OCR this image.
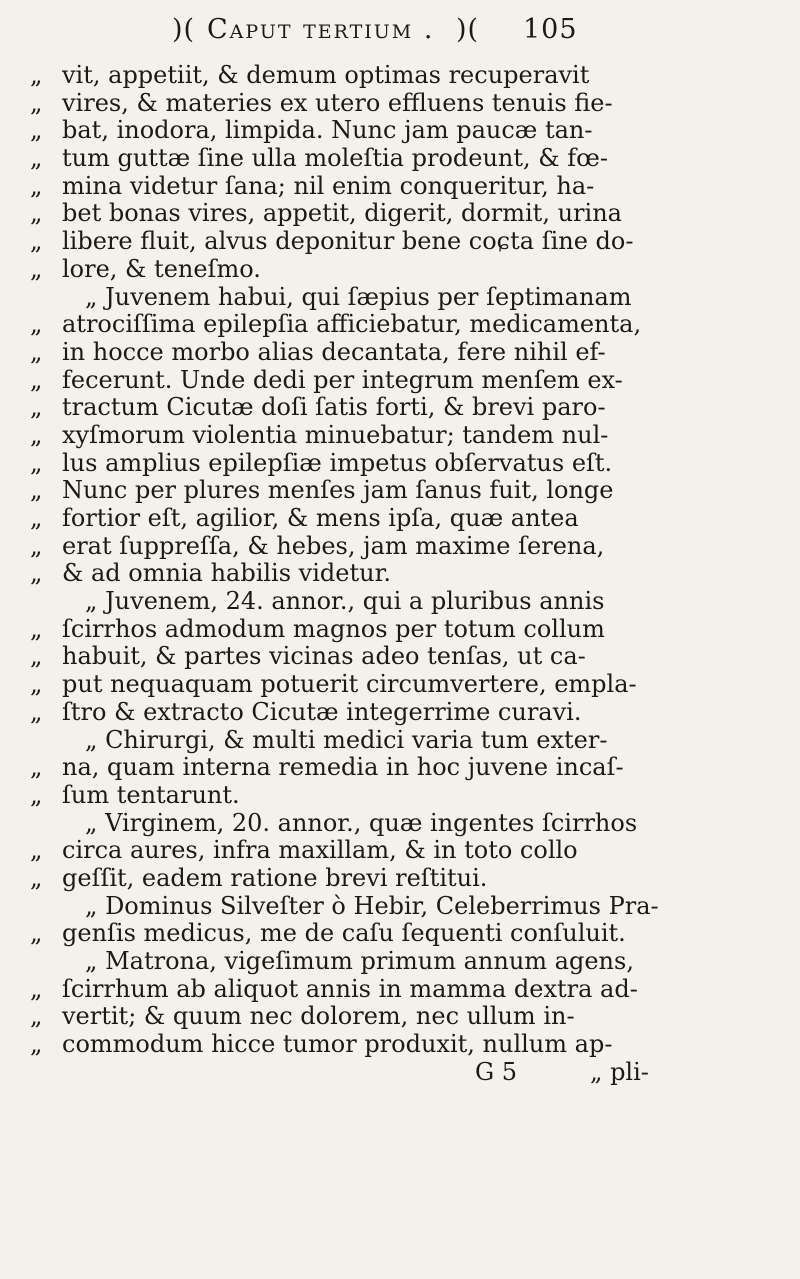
)( Caput tertium . )( 105
„ vit, appetiit, & demum optimas recuperavit
„ vires, & materies ex utero effluens tenuis fie-
„ bat, inodora, limpida. Nunc jam paucæ tan-
„ tum guttæ ſine ulla moleſtia prodeunt, & fœ-
„ mina videtur ſana; nil enim conqueritur, ha-
„ bet bonas vires, appetit, digerit, dormit, urina
„ libere fluit, alvus deponitur bene coɕta ſine do-
„ lore, & teneſmo.
„ Juvenem habui, qui ſæpius per ſeptimanam
„ atrociſſima epilepſia afficiebatur, medicamenta,
„ in hocce morbo alias decantata, fere nihil ef-
„ fecerunt. Unde dedi per integrum menſem ex-
„ tractum Cicutæ doſi ſatis forti, & brevi paro-
„ xyſmorum violentia minuebatur; tandem nul-
„ lus amplius epilepſiæ impetus obſervatus eſt.
„ Nunc per plures menſes jam ſanus fuit, longe
„ fortior eſt, agilior, & mens ipſa, quæ antea
„ erat ſuppreſſa, & hebes, jam maxime ſerena,
„ & ad omnia habilis videtur.
„ Juvenem, 24. annor., qui a pluribus annis
„ ſcirrhos admodum magnos per totum collum
„ habuit, & partes vicinas adeo tenſas, ut ca-
„ put nequaquam potuerit circumvertere, empla-
„ ſtro & extracto Cicutæ integerrime curavi.
„ Chirurgi, & multi medici varia tum exter-
„ na, quam interna remedia in hoc juvene incaſ-
„ ſum tentarunt.
„ Virginem, 20. annor., quæ ingentes ſcirrhos
„ circa aures, infra maxillam, & in toto collo
„ geſſit, eadem ratione brevi reſtitui.
„ Dominus Silveſter ò Hebir, Celeberrimus Pra-
„ genſis medicus, me de caſu ſequenti conſuluit.
„ Matrona, vigeſimum primum annum agens,
„ ſcirrhum ab aliquot annis in mamma dextra ad-
„ vertit; & quum nec dolorem, nec ullum in-
„ commodum hicce tumor produxit, nullum ap-
G 5	„ pli-
